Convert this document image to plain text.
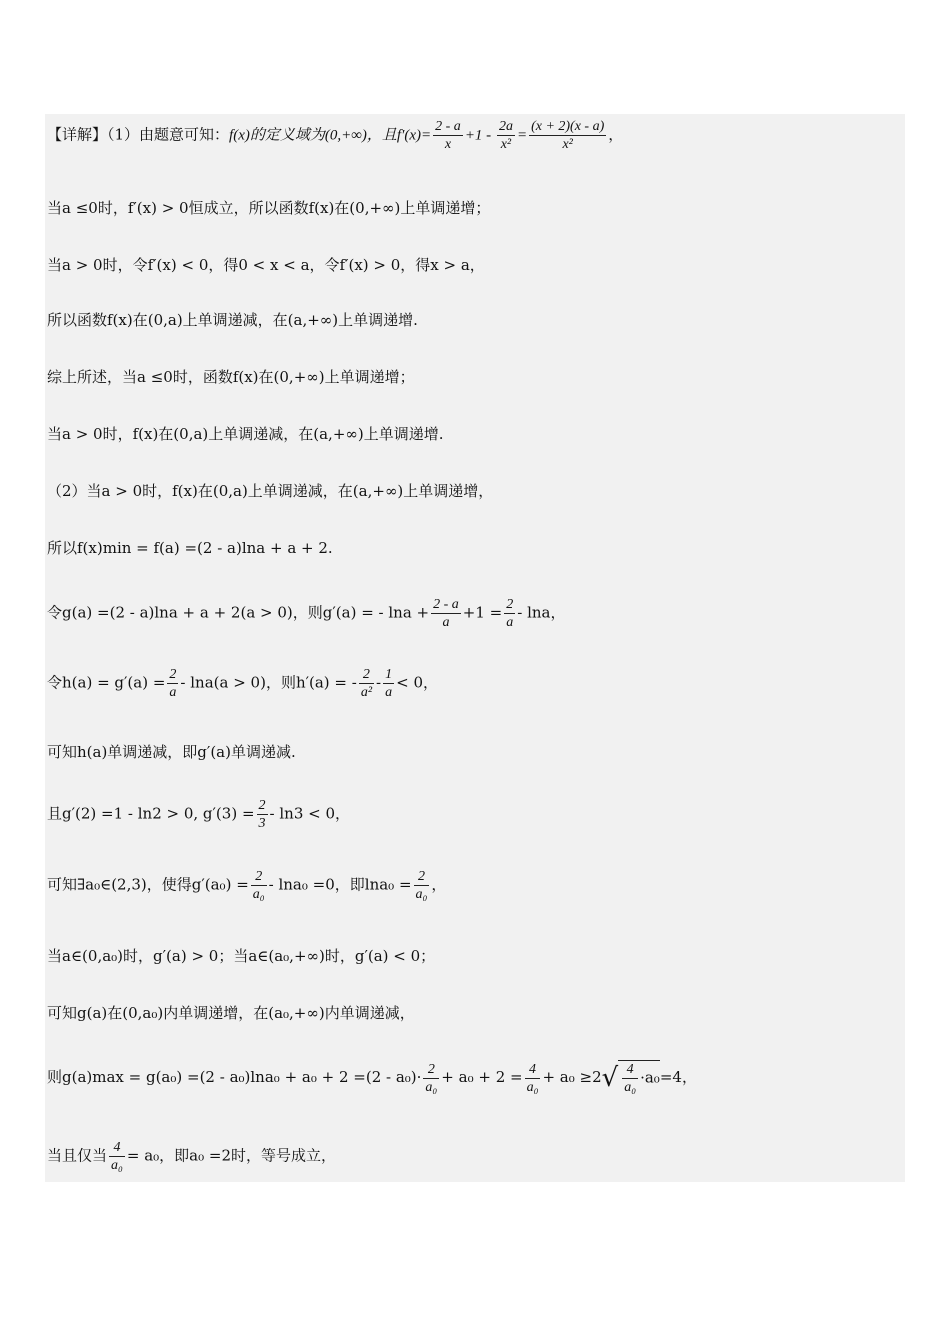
【详解】（1）由题意可知：f(x)的定义域为(0,+∞)，且$f'(x)= \frac{2 - a}{x} +1 - \frac{2a}{\text{x²}} = \frac{(x + 2)(x - a)}{\text{x²}}$ ，
当a ≤0时，f′(x) > 0恒成立，所以函数f(x)在(0,+∞)上单调递增；
当a > 0时，令f′(x) < 0，得0 < x < a，令f′(x) > 0，得x > a，
所以函数f(x)在(0,a)上单调递减，在(a,+∞)上单调递增.
综上所述，当a ≤0时，函数f(x)在(0,+∞)上单调递增；
当a > 0时，f(x)在(0,a)上单调递减，在(a,+∞)上单调递增.
（2）当a > 0时，f(x)在(0,a)上单调递减，在(a,+∞)上单调递增，
所以f(x)min = f(a) =(2 - a)lna + a + 2.
令g(a) =(2 - a)lna + a + 2(a > 0)，则g′(a) = - $\ln a + \frac{2 - a}{a} +1 = \frac{2}{a} - \ln a$，
令$h(a) = g'(a) = \frac{2}{a} - \ln a(a > 0)$，则h′(a) = - $\frac{2}{\text{a²}} - \frac{1}{a} < 0$，
可知h(a)单调递减，即g′(a)单调递减.
且g′(2) =1 - ln2 > 0, $g'(3) = \frac{2}{3} - \ln 3 < 0$，
可知∃a₀∈(2,3)，使得$g'(a_0) = \frac{2}{\text{a₀}} - \ln a_0 =0$，即$\ln a_0 = \frac{2}{\text{a₀}}$ ，
当a∈(0,a₀)时，g′(a) > 0；当a∈(a₀,+∞)时，g′(a) < 0；
可知g(a)在(0,a₀)内单调递增，在(a₀,+∞)内单调递减，
则$g(a)\max = g(a_0) =(2 - a_0)\ln a_0 + a_0 + 2 =(2 - a_0)\cdot \frac{2}{\text{a₀}} + a_0 + 2 = \frac{4}{\text{a₀}} + a_0 \ge 2√ \frac{4}{\text{a₀}} \cdot a_0=4$，
当且仅当 $\frac{4}{\text{a₀}} = a_0$，即a₀ =2时，等号成立，
